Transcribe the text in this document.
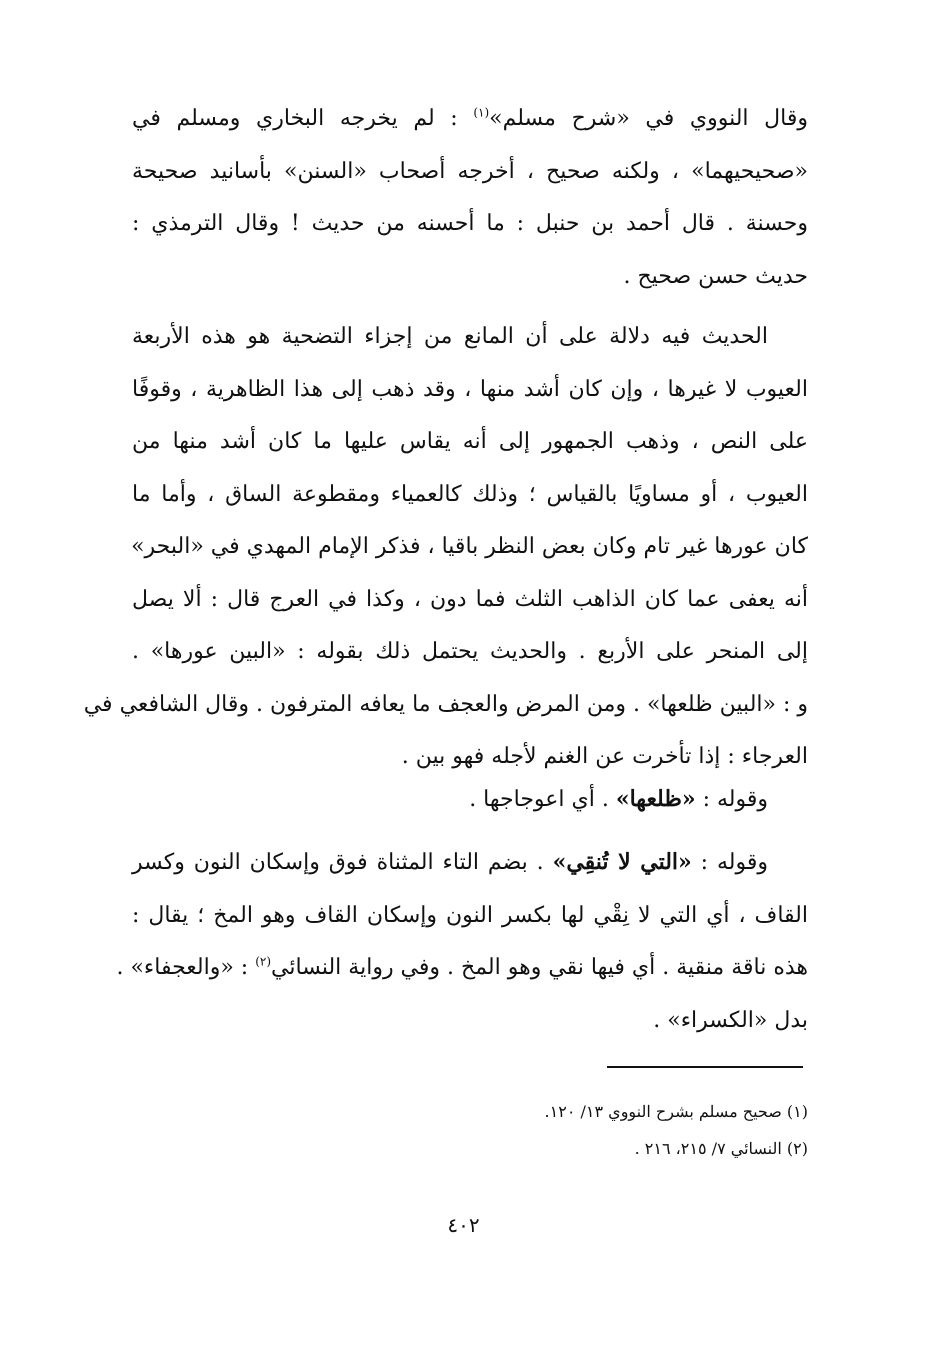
وقال النووي في «شرح مسلم»$^{(١)}$ : لم يخرجه البخاري ومسلم في
«صحيحيهما» ، ولكنه صحيح ، أخرجه أصحاب «السنن» بأسانيد صحيحة
وحسنة . قال أحمد بن حنبل : ما أحسنه من حديث ! وقال الترمذي :
حديث حسن صحيح .
الحديث فيه دلالة على أن المانع من إجزاء التضحية هو هذه الأربعة
العيوب لا غيرها ، وإن كان أشد منها ، وقد ذهب إلى هذا الظاهرية ، وقوفًا
على النص ، وذهب الجمهور إلى أنه يقاس عليها ما كان أشد منها من
العيوب ، أو مساويًا بالقياس ؛ وذلك كالعمياء ومقطوعة الساق ، وأما ما
كان عورها غير تام وكان بعض النظر باقيا ، فذكر الإمام المهدي في «البحر»
أنه يعفى عما كان الذاهب الثلث فما دون ، وكذا في العرج قال : ألا يصل
إلى المنحر على الأربع . والحديث يحتمل ذلك بقوله : «البين عورها» .
و : «البين ظلعها» . ومن المرض والعجف ما يعافه المترفون . وقال الشافعي في
العرجاء : إذا تأخرت عن الغنم لأجله فهو بين .
وقوله : «ظلعها» . أي اعوجاجها .
وقوله : «التي لا تُنقِي» . بضم التاء المثناة فوق وإسكان النون وكسر
القاف ، أي التي لا نِقْي لها بكسر النون وإسكان القاف وهو المخ ؛ يقال :
هذه ناقة منقية . أي فيها نقي وهو المخ . وفي رواية النسائي$^{(٢)}$ : «والعجفاء» .
بدل «الكسراء» .
(١) صحيح مسلم بشرح النووي ١٣/ ١٢٠.
(٢) النسائي ٧/ ٢١٥، ٢١٦ .
٤٠٢
